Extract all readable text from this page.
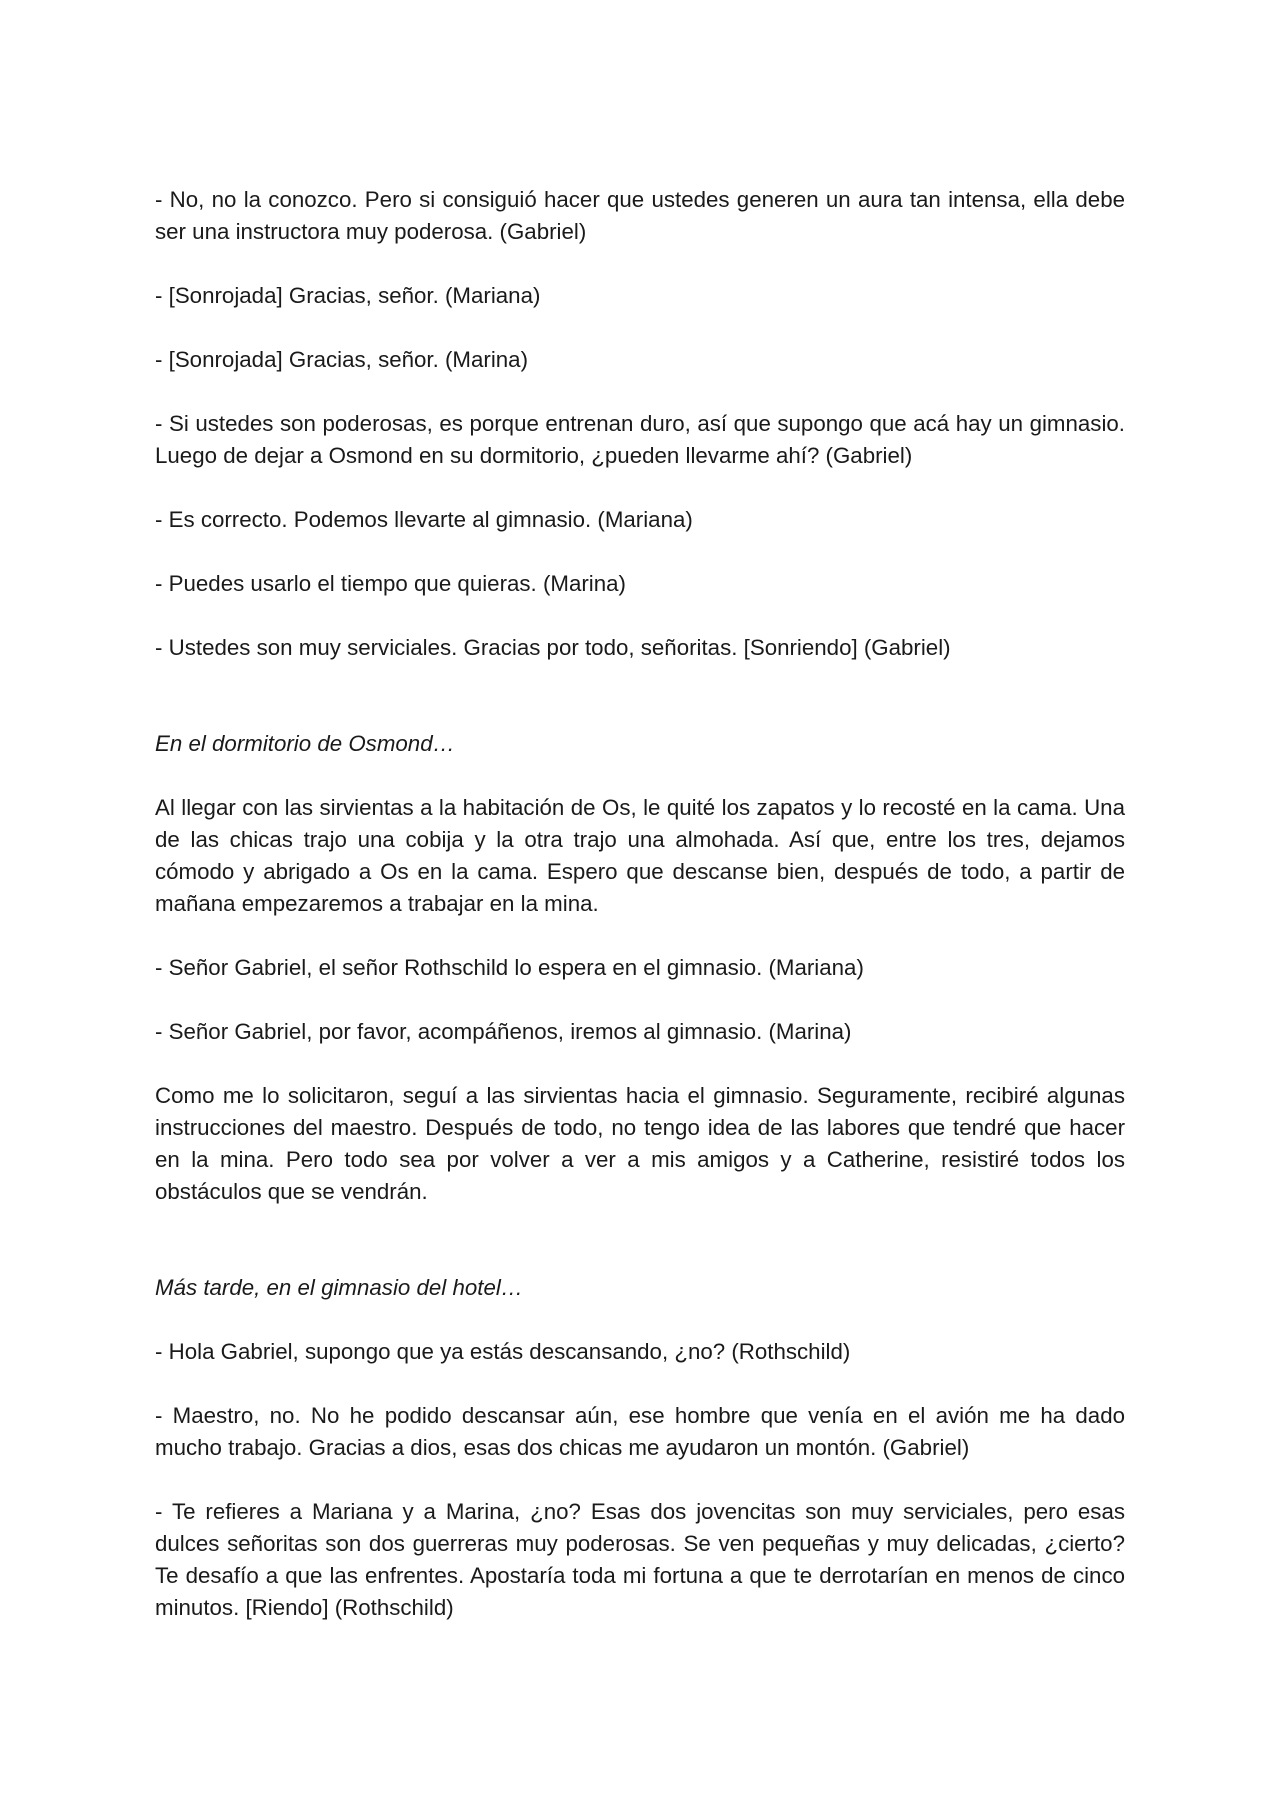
- No, no la conozco. Pero si consiguió hacer que ustedes generen un aura tan intensa, ella debe ser una instructora muy poderosa. (Gabriel)

- [Sonrojada] Gracias, señor. (Mariana)

- [Sonrojada] Gracias, señor. (Marina)

- Si ustedes son poderosas, es porque entrenan duro, así que supongo que acá hay un gimnasio. Luego de dejar a Osmond en su dormitorio, ¿pueden llevarme ahí? (Gabriel)

- Es correcto. Podemos llevarte al gimnasio. (Mariana)

- Puedes usarlo el tiempo que quieras. (Marina)

- Ustedes son muy serviciales. Gracias por todo, señoritas. [Sonriendo] (Gabriel)

En el dormitorio de Osmond…

Al llegar con las sirvientas a la habitación de Os, le quité los zapatos y lo recosté en la cama. Una de las chicas trajo una cobija y la otra trajo una almohada. Así que, entre los tres, dejamos cómodo y abrigado a Os en la cama. Espero que descanse bien, después de todo, a partir de mañana empezaremos a trabajar en la mina.

- Señor Gabriel, el señor Rothschild lo espera en el gimnasio. (Mariana)

- Señor Gabriel, por favor, acompáñenos, iremos al gimnasio. (Marina)

Como me lo solicitaron, seguí a las sirvientas hacia el gimnasio. Seguramente, recibiré algunas instrucciones del maestro. Después de todo, no tengo idea de las labores que tendré que hacer en la mina. Pero todo sea por volver a ver a mis amigos y a Catherine, resistiré todos los obstáculos que se vendrán.

Más tarde, en el gimnasio del hotel…

- Hola Gabriel, supongo que ya estás descansando, ¿no? (Rothschild)

- Maestro, no. No he podido descansar aún, ese hombre que venía en el avión me ha dado mucho trabajo. Gracias a dios, esas dos chicas me ayudaron un montón. (Gabriel)

- Te refieres a Mariana y a Marina, ¿no? Esas dos jovencitas son muy serviciales, pero esas dulces señoritas son dos guerreras muy poderosas. Se ven pequeñas y muy delicadas, ¿cierto? Te desafío a que las enfrentes. Apostaría toda mi fortuna a que te derrotarían en menos de cinco minutos. [Riendo] (Rothschild)
